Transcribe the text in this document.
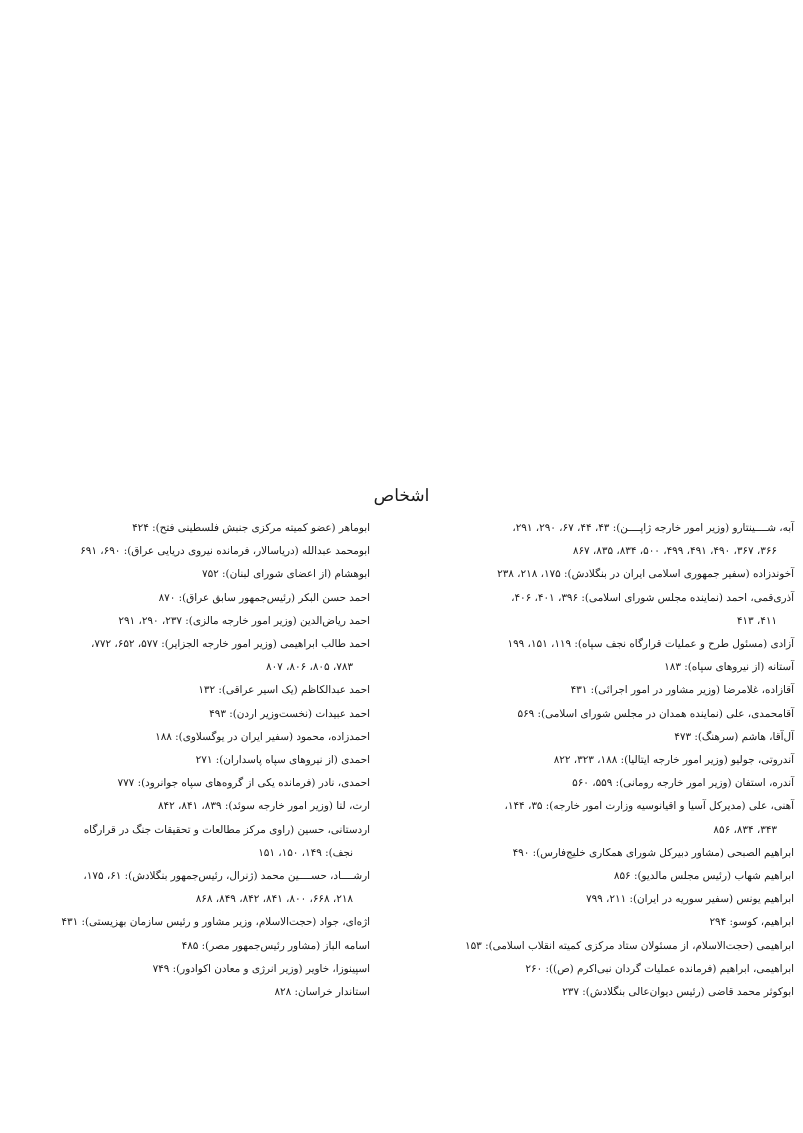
اشخاص
آبه، شــــینتارو (وزیر امور خارجه ژاپــــن): ۴۳، ۴۴، ۶۷، ۲۹۰، ۲۹۱،
۳۶۶، ۳۶۷، ۴۹۰، ۴۹۱، ۴۹۹، ۵۰۰، ۸۳۴، ۸۳۵، ۸۶۷
آخوندزاده (سفیر جمهوری اسلامی ایران در بنگلادش): ۱۷۵، ۲۱۸، ۲۳۸
آذری‌قمی، احمد (نماینده مجلس شورای اسلامی): ۳۹۶، ۴۰۱، ۴۰۶،
۴۱۱، ۴۱۳
آزادی (مسئول طرح و عملیات قرارگاه نجف سپاه): ۱۱۹، ۱۵۱، ۱۹۹
آستانه (از نیروهای سپاه): ۱۸۳
آقازاده، غلامرضا (وزیر مشاور در امور اجرائی): ۴۳۱
آقامحمدی، علی (نماینده همدان در مجلس شورای اسلامی): ۵۶۹
آل‌آقا، هاشم (سرهنگ): ۴۷۳
آندروتی، جولیو (وزیر امور خارجه ایتالیا): ۱۸۸، ۳۲۳، ۸۲۲
آندره، استفان (وزیر امور خارجه رومانی): ۵۵۹، ۵۶۰
آهنی، علی (مدیرکل آسیا و اقیانوسیه وزارت امور خارجه): ۳۵، ۱۴۴،
۳۴۳، ۸۳۴، ۸۵۶
ابراهیم الصبحی (مشاور دبیرکل شورای همکاری خلیج‌فارس): ۴۹۰
ابراهیم شهاب (رئیس مجلس مالدیو): ۸۵۶
ابراهیم یونس (سفیر سوریه در ایران): ۲۱۱، ۷۹۹
ابراهیم، کوسو: ۲۹۴
ابراهیمی (حجت‌الاسلام، از مسئولان ستاد مرکزی کمیته انقلاب اسلامی): ۱۵۳
ابراهیمی، ابراهیم (فرمانده عملیات گردان نبی‌اکرم (ص)): ۲۶۰
ابوکوثر محمد قاضی (رئیس دیوان‌عالی بنگلادش): ۲۳۷
ابوماهر (عضو کمیته مرکزی جنبش فلسطینی فتح): ۴۲۴
ابومحمد عبدالله (دریاسالار، فرمانده نیروی دریایی عراق): ۶۹۰، ۶۹۱
ابوهشام (از اعضای شورای لبنان): ۷۵۲
احمد حسن البکر (رئیس‌جمهور سابق عراق): ۸۷۰
احمد ریاض‌الدین (وزیر امور خارجه مالزی): ۲۳۷، ۲۹۰، ۲۹۱
احمد طالب ابراهیمی (وزیر امور خارجه الجزایر): ۵۷۷، ۶۵۲، ۷۷۲،
۷۸۳، ۸۰۵، ۸۰۶، ۸۰۷
احمد عبدالکاظم (یک اسیر عراقی): ۱۳۲
احمد عبیدات (نخست‌وزیر اردن): ۴۹۳
احمدزاده، محمود (سفیر ایران در یوگسلاوی): ۱۸۸
احمدی (از نیروهای سپاه پاسداران): ۲۷۱
احمدی، نادر (فرمانده یکی از گروه‌های سپاه جوانرود): ۷۷۷
ارت، لنا (وزیر امور خارجه سوئد): ۸۳۹، ۸۴۱، ۸۴۲
اردستانی، حسین (راوی مرکز مطالعات و تحقیقات جنگ در قرارگاه
نجف): ۱۴۹، ۱۵۰، ۱۵۱
ارشــــاد، حســــین محمد (ژنرال، رئیس‌جمهور بنگلادش): ۶۱، ۱۷۵،
۲۱۸، ۶۶۸، ۸۰۰، ۸۴۱، ۸۴۲، ۸۴۹، ۸۶۸
اژه‌ای، جواد (حجت‌الاسلام، وزیر مشاور و رئیس سازمان بهزیستی): ۴۳۱
اسامه الباز (مشاور رئیس‌جمهور مصر): ۴۸۵
اسپینوزا، خاویر (وزیر انرژی و معادن اکوادور): ۷۴۹
استاندار خراسان: ۸۲۸
